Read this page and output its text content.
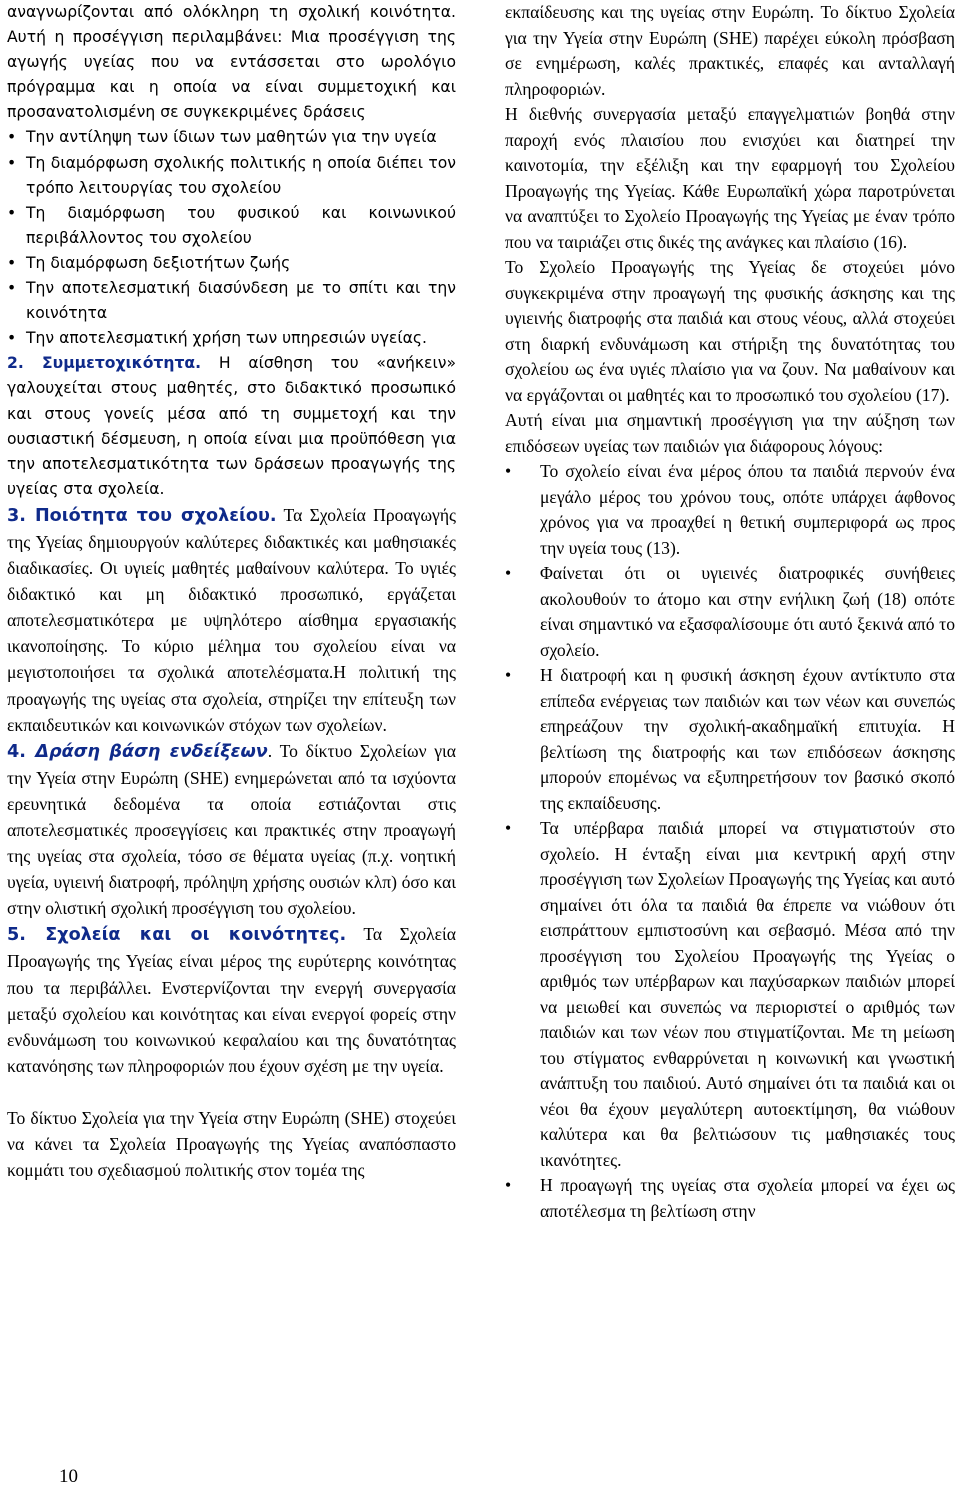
αναγνωρίζονται από ολόκληρη τη σχολική κοινότητα. Αυτή η προσέγγιση περιλαμβάνει: Μια προσέγγιση της αγωγής υγείας που να εντάσσεται στο ωρολόγιο πρόγραμμα και η οποία να είναι συμμετοχική και προσανατολισμένη σε συγκεκριμένες δράσεις

• Την αντίληψη των ίδιων των μαθητών για την υγεία
• Τη διαμόρφωση σχολικής πολιτικής η οποία διέπει τον τρόπο λειτουργίας του σχολείου
• Τη διαμόρφωση του φυσικού και κοινωνικού περιβάλλοντος του σχολείου
• Τη διαμόρφωση δεξιοτήτων ζωής
• Την αποτελεσματική διασύνδεση με το σπίτι και την κοινότητα
• Την αποτελεσματική χρήση των υπηρεσιών υγείας.

2. Συμμετοχικότητα. Η αίσθηση του «ανήκειν» γαλουχείται στους μαθητές, στο διδακτικό προσωπικό και στους γονείς μέσα από τη συμμετοχή και την ουσιαστική δέσμευση, η οποία είναι μια προϋπόθεση για την αποτελεσματικότητα των δράσεων προαγωγής της υγείας στα σχολεία.

3. Ποιότητα του σχολείου. Τα Σχολεία Προαγωγής της Υγείας δημιουργούν καλύτερες διδακτικές και μαθησιακές διαδικασίες. Οι υγιείς μαθητές μαθαίνουν καλύτερα. Το υγιές διδακτικό και μη διδακτικό προσωπικό, εργάζεται αποτελεσματικότερα με υψηλότερο αίσθημα εργασιακής ικανοποίησης. Το κύριο μέλημα του σχολείου είναι να μεγιστοποιήσει τα σχολικά αποτελέσματα.Η πολιτική της προαγωγής της υγείας στα σχολεία, στηρίζει την επίτευξη των εκπαιδευτικών και κοινωνικών στόχων των σχολείων.

4. Δράση βάση ενδείξεων. Το δίκτυο Σχολείων για την Υγεία στην Ευρώπη (SHE) ενημερώνεται από τα ισχύοντα ερευνητικά δεδομένα τα οποία εστιάζονται στις αποτελεσματικές προσεγγίσεις και πρακτικές στην προαγωγή της υγείας στα σχολεία, τόσο σε θέματα υγείας (π.χ. νοητική υγεία, υγιεινή διατροφή, πρόληψη χρήσης ουσιών κλπ) όσο και στην ολιστική σχολική προσέγγιση του σχολείου.

5. Σχολεία και οι κοινότητες. Τα Σχολεία Προαγωγής της Υγείας είναι μέρος της ευρύτερης κοινότητας που τα περιβάλλει. Ενστερνίζονται την ενεργή συνεργασία μεταξύ σχολείου και κοινότητας και είναι ενεργοί φορείς στην ενδυνάμωση του κοινωνικού κεφαλαίου και της δυνατότητας κατανόησης των πληροφοριών που έχουν σχέση με την υγεία.

Το δίκτυο Σχολεία για την Υγεία στην Ευρώπη (SHE) στοχεύει να κάνει τα Σχολεία Προαγωγής της Υγείας αναπόσπαστο κομμάτι του σχεδιασμού πολιτικής στον τομέα της

εκπαίδευσης και της υγείας στην Ευρώπη. Το δίκτυο Σχολεία για την Υγεία στην Ευρώπη (SHE) παρέχει εύκολη πρόσβαση σε ενημέρωση, καλές πρακτικές, επαφές και ανταλλαγή πληροφοριών.

Η διεθνής συνεργασία μεταξύ επαγγελματιών βοηθά στην παροχή ενός πλαισίου που ενισχύει και διατηρεί την καινοτομία, την εξέλιξη και την εφαρμογή του Σχολείου Προαγωγής της Υγείας. Κάθε Ευρωπαϊκή χώρα παροτρύνεται να αναπτύξει το Σχολείο Προαγωγής της Υγείας με έναν τρόπο που να ταιριάζει στις δικές της ανάγκες και πλαίσιο (16).

Το Σχολείο Προαγωγής της Υγείας δε στοχεύει μόνο συγκεκριμένα στην προαγωγή της φυσικής άσκησης και της υγιεινής διατροφής στα παιδιά και στους νέους, αλλά στοχεύει στη διαρκή ενδυνάμωση και στήριξη της δυνατότητας του σχολείου ως ένα υγιές πλαίσιο για να ζουν. Να μαθαίνουν και να εργάζονται οι μαθητές και το προσωπικό του σχολείου (17).

Αυτή είναι μια σημαντική προσέγγιση για την αύξηση των επιδόσεων υγείας των παιδιών για διάφορους λόγους:

• Το σχολείο είναι ένα μέρος όπου τα παιδιά περνούν ένα μεγάλο μέρος του χρόνου τους, οπότε υπάρχει άφθονος χρόνος για να προαχθεί η θετική συμπεριφορά ως προς την υγεία τους (13).
• Φαίνεται ότι οι υγιεινές διατροφικές συνήθειες ακολουθούν το άτομο και στην ενήλικη ζωή (18) οπότε είναι σημαντικό να εξασφαλίσουμε ότι αυτό ξεκινά από το σχολείο.
• Η διατροφή και η φυσική άσκηση έχουν αντίκτυπο στα επίπεδα ενέργειας των παιδιών και των νέων και συνεπώς επηρεάζουν την σχολική-ακαδημαϊκή επιτυχία. Η βελτίωση της διατροφής και των επιδόσεων άσκησης μπορούν επομένως να εξυπηρετήσουν τον βασικό σκοπό της εκπαίδευσης.
• Τα υπέρβαρα παιδιά μπορεί να στιγματιστούν στο σχολείο. Η ένταξη είναι μια κεντρική αρχή στην προσέγγιση των Σχολείων Προαγωγής της Υγείας και αυτό σημαίνει ότι όλα τα παιδιά θα έπρεπε να νιώθουν ότι εισπράττουν εμπιστοσύνη και σεβασμό. Μέσα από την προσέγγιση του Σχολείου Προαγωγής της Υγείας ο αριθμός των υπέρβαρων και παχύσαρκων παιδιών μπορεί να μειωθεί και συνεπώς να περιοριστεί ο αριθμός των παιδιών και των νέων που στιγματίζονται. Με τη μείωση του στίγματος ενθαρρύνεται η κοινωνική και γνωστική ανάπτυξη του παιδιού. Αυτό σημαίνει ότι τα παιδιά και οι νέοι θα έχουν μεγαλύτερη αυτοεκτίμηση, θα νιώθουν καλύτερα και θα βελτιώσουν τις μαθησιακές τους ικανότητες.
• Η προαγωγή της υγείας στα σχολεία μπορεί να έχει ως αποτέλεσμα τη βελτίωση στην
10
